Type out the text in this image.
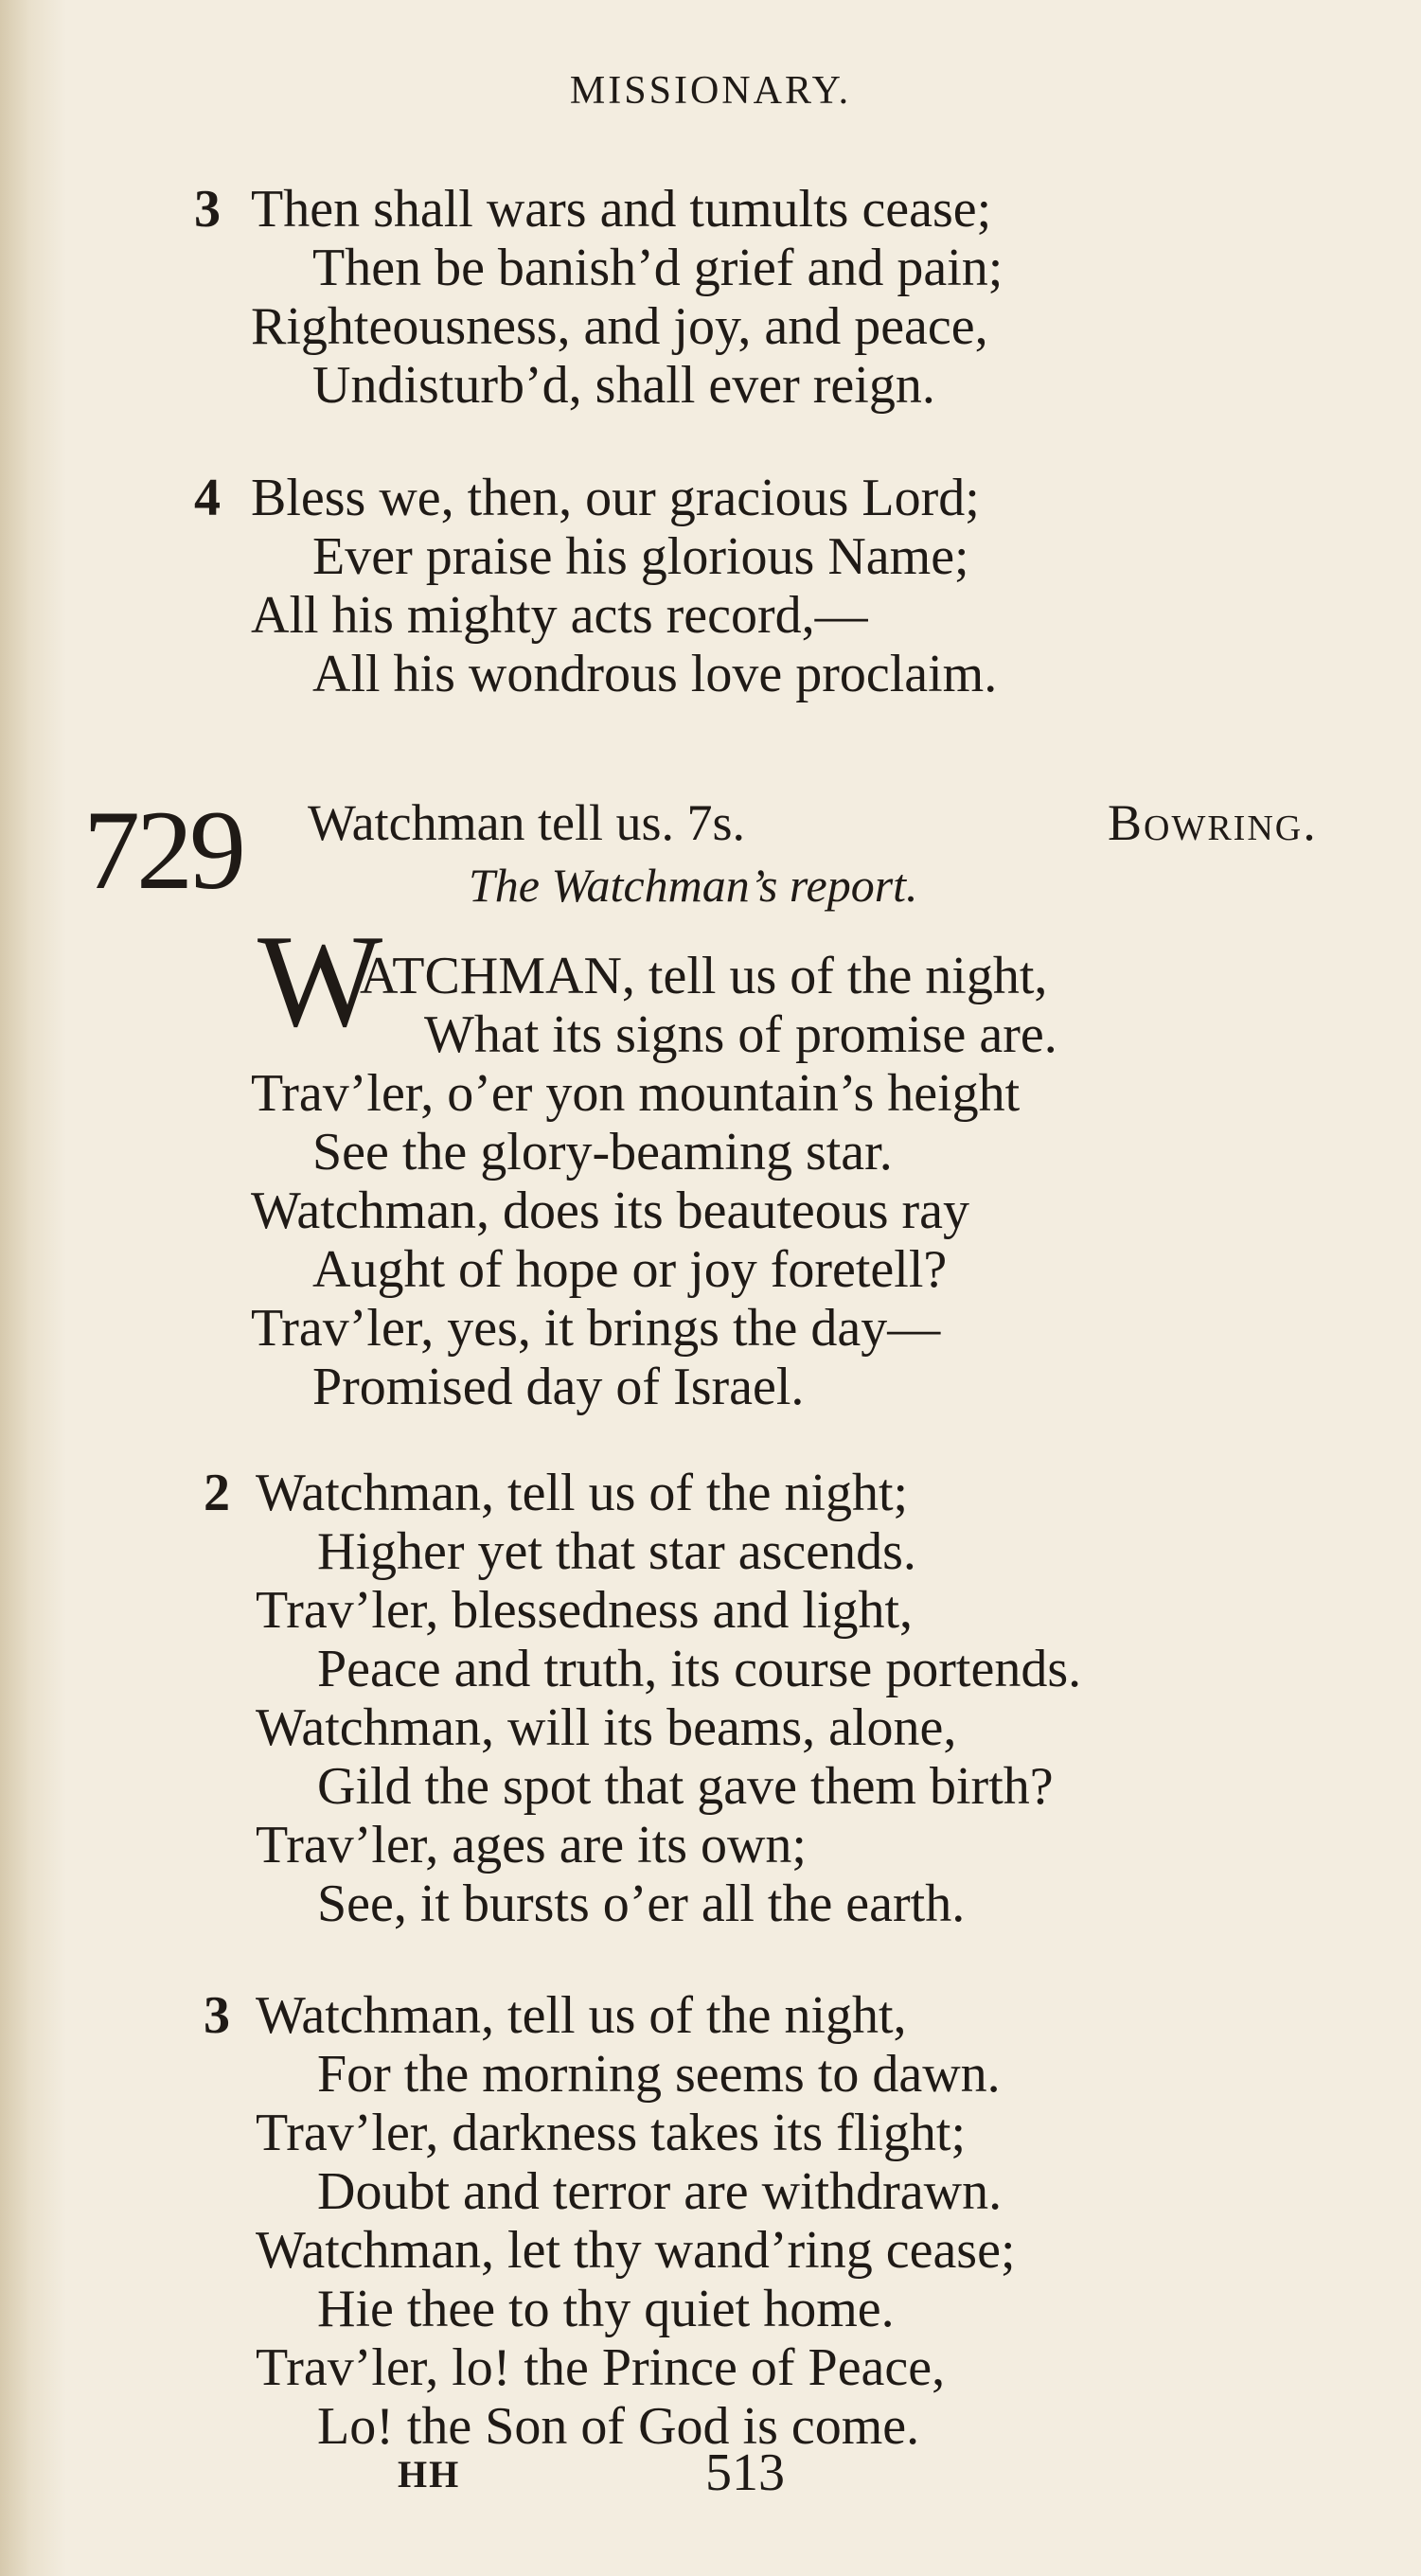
MISSIONARY.
3 Then shall wars and tumults cease;
Then be banish’d grief and pain;
Righteousness, and joy, and peace,
Undisturb’d, shall ever reign.
4 Bless we, then, our gracious Lord;
Ever praise his glorious Name;
All his mighty acts record,—
All his wondrous love proclaim.
729 Watchman tell us. 7s.	Bowring.
The Watchman’s report.
W
ATCHMAN, tell us of the night,
What its signs of promise are.
Trav’ler, o’er yon mountain’s height
See the glory-beaming star.
Watchman, does its beauteous ray
Aught of hope or joy foretell?
Trav’ler, yes, it brings the day—
Promised day of Israel.
2 Watchman, tell us of the night;
Higher yet that star ascends.
Trav’ler, blessedness and light,
Peace and truth, its course portends.
Watchman, will its beams, alone,
Gild the spot that gave them birth?
Trav’ler, ages are its own;
See, it bursts o’er all the earth.
3 Watchman, tell us of the night,
For the morning seems to dawn.
Trav’ler, darkness takes its flight;
Doubt and terror are withdrawn.
Watchman, let thy wand’ring cease;
Hie thee to thy quiet home.
Trav’ler, lo! the Prince of Peace,
Lo! the Son of God is come.
HH	513
